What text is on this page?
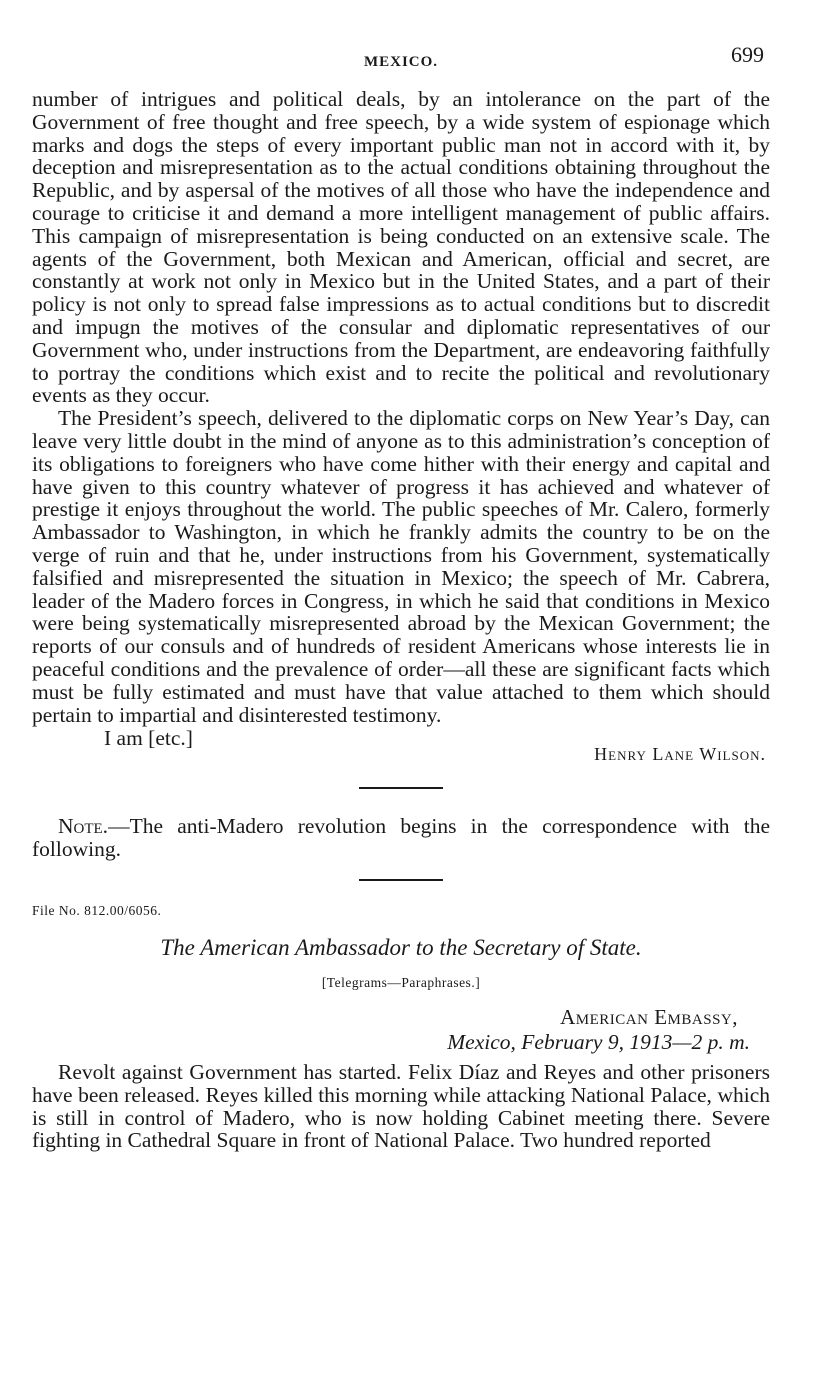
MEXICO.	699

number of intrigues and political deals, by an intolerance on the part of the Government of free thought and free speech, by a wide system of espionage which marks and dogs the steps of every important public man not in accord with it, by deception and misrepresentation as to the actual conditions obtaining throughout the Republic, and by aspersal of the motives of all those who have the independence and courage to criticise it and demand a more intelligent management of public affairs. This campaign of misrepresentation is being conducted on an extensive scale. The agents of the Government, both Mexican and American, official and secret, are constantly at work not only in Mexico but in the United States, and a part of their policy is not only to spread false impressions as to actual conditions but to discredit and impugn the motives of the consular and diplomatic representatives of our Government who, under instructions from the Department, are endeavoring faithfully to portray the conditions which exist and to recite the political and revolutionary events as they occur.

The President’s speech, delivered to the diplomatic corps on New Year’s Day, can leave very little doubt in the mind of anyone as to this administration’s conception of its obligations to foreigners who have come hither with their energy and capital and have given to this country whatever of progress it has achieved and whatever of prestige it enjoys throughout the world. The public speeches of Mr. Calero, formerly Ambassador to Washington, in which he frankly admits the country to be on the verge of ruin and that he, under instructions from his Government, systematically falsified and misrepresented the situation in Mexico; the speech of Mr. Cabrera, leader of the Madero forces in Congress, in which he said that conditions in Mexico were being systematically misrepresented abroad by the Mexican Government; the reports of our consuls and of hundreds of resident Americans whose interests lie in peaceful conditions and the prevalence of order—all these are significant facts which must be fully estimated and must have that value attached to them which should pertain to impartial and disinterested testimony.

I am [etc.]
Henry Lane Wilson.

Note.—The anti-Madero revolution begins in the correspondence with the following.

File No. 812.00/6056.
The American Ambassador to the Secretary of State.
[Telegrams—Paraphrases.]
American Embassy,
Mexico, February 9, 1913—2 p. m.

Revolt against Government has started. Felix Díaz and Reyes and other prisoners have been released. Reyes killed this morning while attacking National Palace, which is still in control of Madero, who is now holding Cabinet meeting there. Severe fighting in Cathedral Square in front of National Palace. Two hundred reported
